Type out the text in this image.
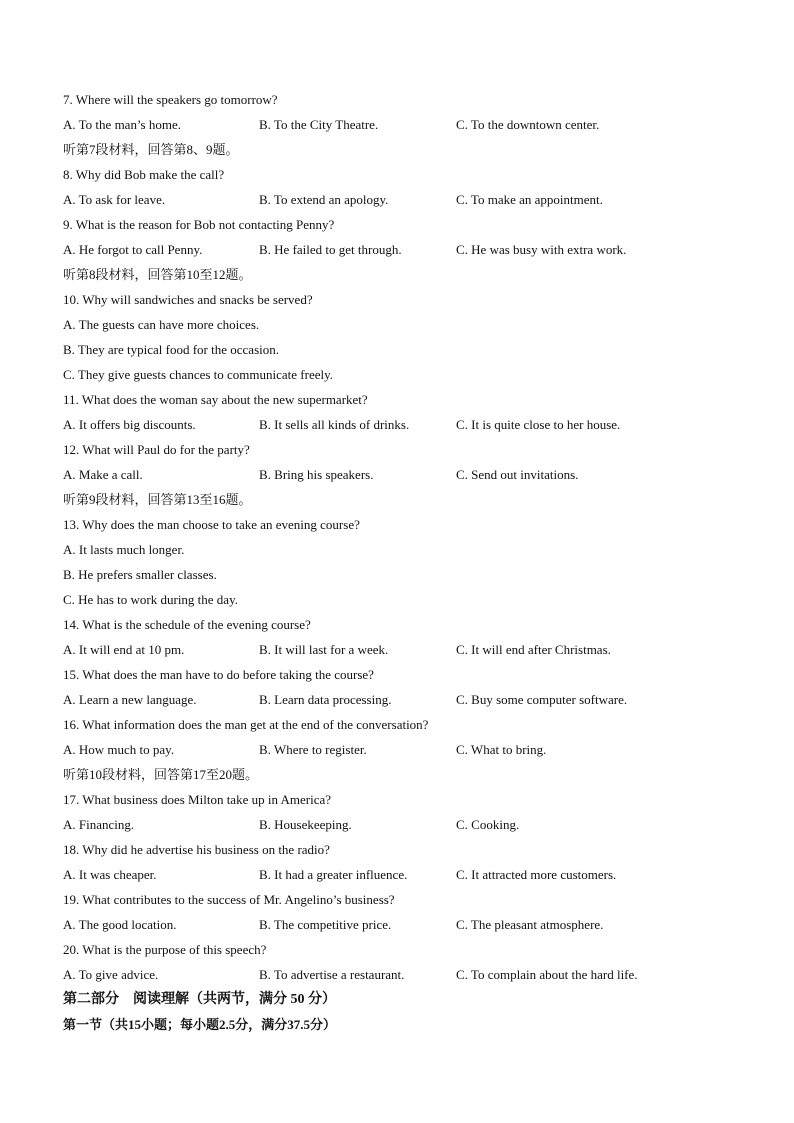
7. Where will the speakers go tomorrow?
A. To the man’s home.	B. To the City Theatre.	C. To the downtown center.
听第7段材料，回答第8、9题。
8. Why did Bob make the call?
A. To ask for leave.	B. To extend an apology.	C. To make an appointment.
9. What is the reason for Bob not contacting Penny?
A. He forgot to call Penny.	B. He failed to get through.	C. He was busy with extra work.
听第8段材料，回答第10至12题。
10. Why will sandwiches and snacks be served?
A. The guests can have more choices.
B. They are typical food for the occasion.
C. They give guests chances to communicate freely.
11. What does the woman say about the new supermarket?
A. It offers big discounts.	B. It sells all kinds of drinks.	C. It is quite close to her house.
12. What will Paul do for the party?
A. Make a call.	B. Bring his speakers.	C. Send out invitations.
听第9段材料，回答第13至16题。
13. Why does the man choose to take an evening course?
A. It lasts much longer.
B. He prefers smaller classes.
C. He has to work during the day.
14. What is the schedule of the evening course?
A. It will end at 10 pm.	B. It will last for a week.	C. It will end after Christmas.
15. What does the man have to do before taking the course?
A. Learn a new language.	B. Learn data processing.	C. Buy some computer software.
16. What information does the man get at the end of the conversation?
A. How much to pay.	B. Where to register.	C. What to bring.
听第10段材料，回答第17至20题。
17. What business does Milton take up in America?
A. Financing.	B. Housekeeping.	C. Cooking.
18. Why did he advertise his business on the radio?
A. It was cheaper.	B. It had a greater influence.	C. It attracted more customers.
19. What contributes to the success of Mr. Angelino’s business?
A. The good location.	B. The competitive price.	C. The pleasant atmosphere.
20. What is the purpose of this speech?
A. To give advice.	B. To advertise a restaurant.	C. To complain about the hard life.
第二部分　阅读理解（共两节，满分 50 分）
第一节（共15小题；每小题2.5分，满分37.5分）
